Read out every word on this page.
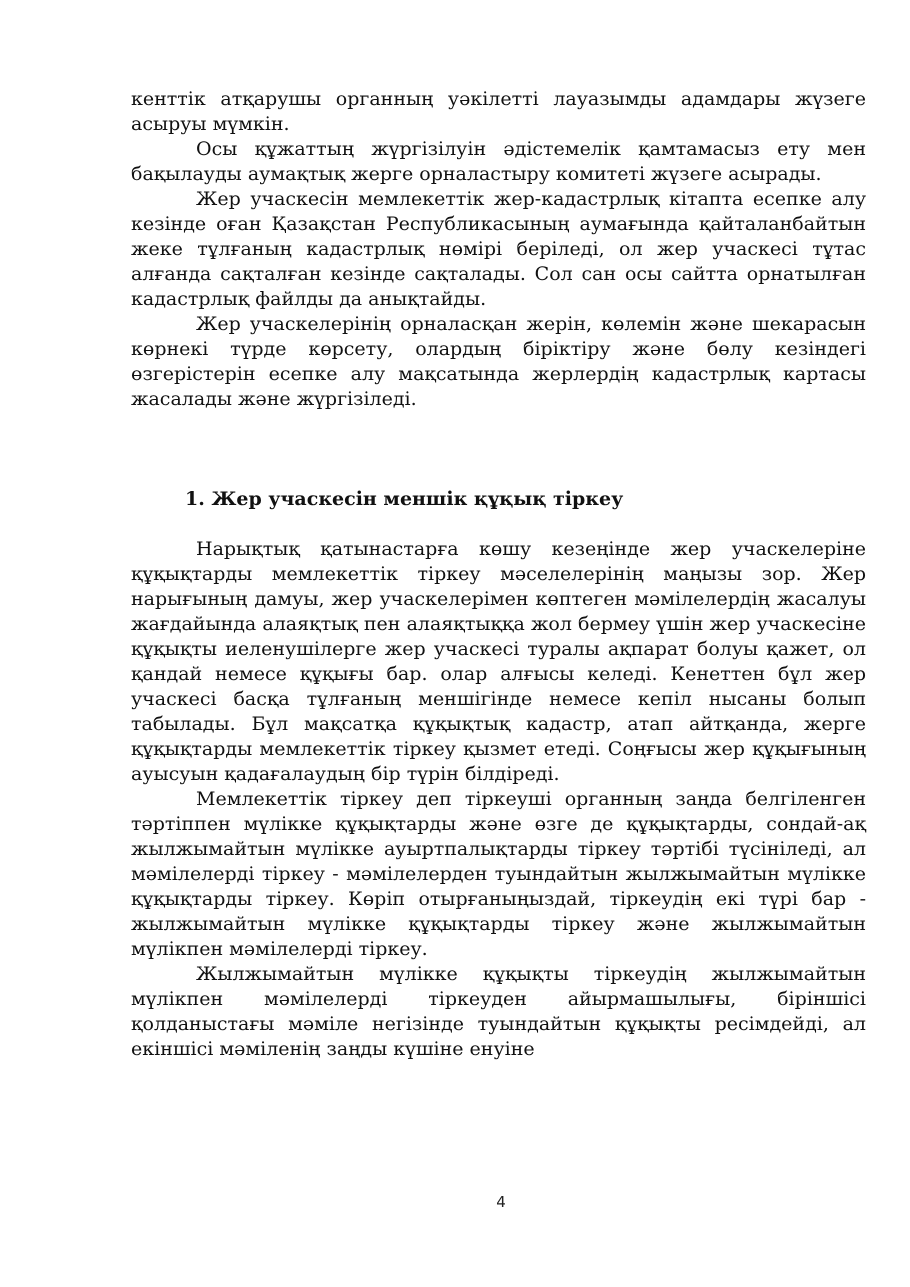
кенттік атқарушы органның уәкілетті лауазымды адамдары жүзеге асыруы мүмкін.

Осы құжаттың жүргізілуін әдістемелік қамтамасыз ету мен бақылауды аумақтық жерге орналастыру комитеті жүзеге асырады.

Жер учаскесін мемлекеттік жер-кадастрлық кітапта есепке алу кезінде оған Қазақстан Республикасының аумағында қайталанбайтын жеке тұлғаның кадастрлық нөмірі беріледі, ол жер учаскесі тұтас алғанда сақталған кезінде сақталады. Сол сан осы сайтта орнатылған кадастрлық файлды да анықтайды.

Жер учаскелерінің орналасқан жерін, көлемін және шекарасын көрнекі түрде көрсету, олардың біріктіру және бөлу кезіндегі өзгерістерін есепке алу мақсатында жерлердің кадастрлық картасы жасалады және жүргізіледі.

1. Жер учаскесін меншік құқық тіркеу

Нарықтық қатынастарға көшу кезеңінде жер учаскелеріне құқықтарды мемлекеттік тіркеу мәселелерінің маңызы зор. Жер нарығының дамуы, жер учаскелерімен көптеген мәмілелердің жасалуы жағдайында алаяқтық пен алаяқтыққа жол бермеу үшін жер учаскесіне құқықты иеленушілерге жер учаскесі туралы ақпарат болуы қажет, ол қандай немесе құқығы бар. олар алғысы келеді. Кенеттен бұл жер учаскесі басқа тұлғаның меншігінде немесе кепіл нысаны болып табылады. Бұл мақсатқа құқықтық кадастр, атап айтқанда, жерге құқықтарды мемлекеттік тіркеу қызмет етеді. Соңғысы жер құқығының ауысуын қадағалаудың бір түрін білдіреді.

Мемлекеттік тіркеу деп тіркеуші органның заңда белгіленген тәртіппен мүлікке құқықтарды және өзге де құқықтарды, сондай-ақ жылжымайтын мүлікке ауыртпалықтарды тіркеу тәртібі түсініледі, ал мәмілелерді тіркеу - мәмілелерден туындайтын жылжымайтын мүлікке құқықтарды тіркеу. Көріп отырғаныңыздай, тіркеудің екі түрі бар - жылжымайтын мүлікке құқықтарды тіркеу және жылжымайтын мүлікпен мәмілелерді тіркеу.

Жылжымайтын мүлікке құқықты тіркеудің жылжымайтын мүлікпен мәмілелерді тіркеуден айырмашылығы, біріншісі қолданыстағы мәміле негізінде туындайтын құқықты ресімдейді, ал екіншісі мәміленің заңды күшіне енуіне

4
